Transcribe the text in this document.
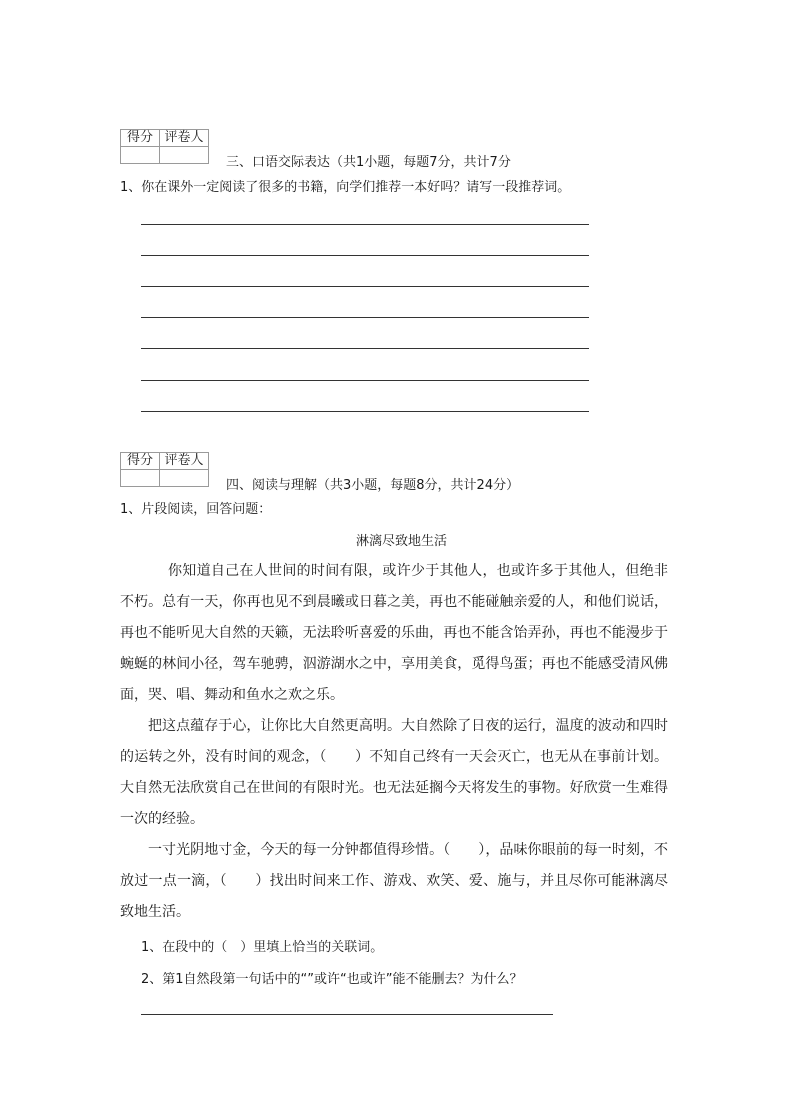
得分	评卷人

三、口语交际表达（共1小题，每题7分，共计7分
1、你在课外一定阅读了很多的书籍，向学们推荐一本好吗？请写一段推荐词。
得分	评卷人

四、阅读与理解（共3小题，每题8分，共计24分）
1、片段阅读，回答问题：
淋漓尽致地生活
你知道自己在人世间的时间有限，或许少于其他人，也或许多于其他人，但绝非不朽。总有一天，你再也见不到晨曦或日暮之美，再也不能碰触亲爱的人，和他们说话，再也不能听见大自然的天籁，无法聆听喜爱的乐曲，再也不能含饴弄孙，再也不能漫步于蜿蜒的林间小径，驾车驰骋，泅游湖水之中，享用美食，觅得鸟蛋；再也不能感受清风佛面，哭、唱、舞动和鱼水之欢之乐。
把这点蕴存于心，让你比大自然更高明。大自然除了日夜的运行，温度的波动和四时的运转之外，没有时间的观念，（　　）不知自己终有一天会灭亡，也无从在事前计划。大自然无法欣赏自己在世间的有限时光。也无法延搁今天将发生的事物。好欣赏一生难得一次的经验。
一寸光阴地寸金，今天的每一分钟都值得珍惜。（　　），品味你眼前的每一时刻，不放过一点一滴，（　　）找出时间来工作、游戏、欢笑、爱、施与，并且尽你可能淋漓尽致地生活。
1、在段中的（　）里填上恰当的关联词。
2、第1自然段第一句话中的“”或许“也或许”能不能删去？为什么？
